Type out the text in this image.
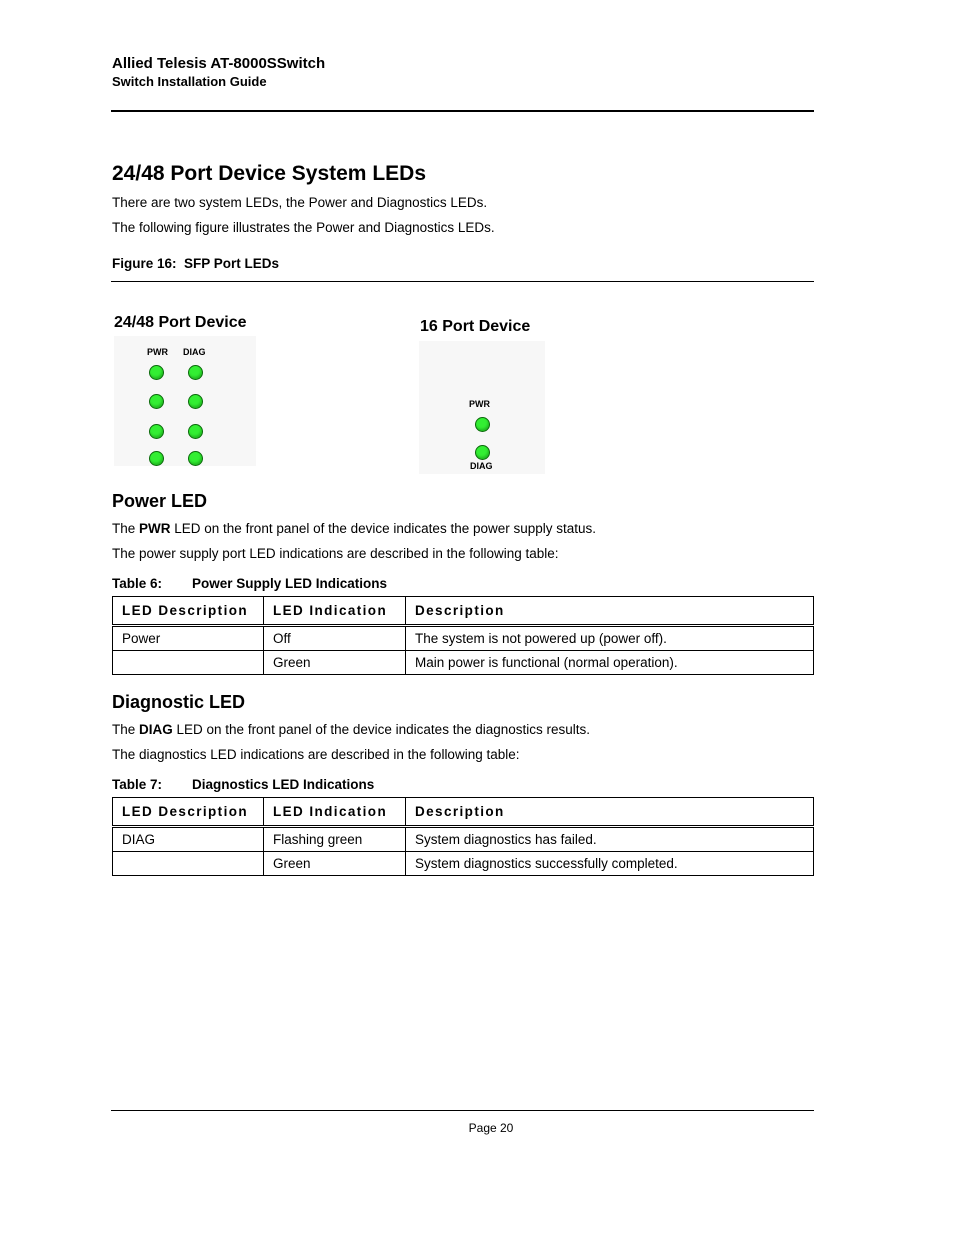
Allied Telesis AT-8000SSwitch
Switch Installation Guide
24/48 Port Device System LEDs
There are two system LEDs, the Power and Diagnostics LEDs.
The following figure illustrates the Power and Diagnostics LEDs.
Figure 16: SFP Port LEDs
24/48 Port Device
PWR DIAG
16 Port Device
PWR
DIAG
Power LED
The PWR LED on the front panel of the device indicates the power supply status.
The power supply port LED indications are described in the following table:
Table 6: Power Supply LED Indications
LED Description	LED Indication	Description
Power	Off	The system is not powered up (power off).
	Green	Main power is functional (normal operation).
Diagnostic LED
The DIAG LED on the front panel of the device indicates the diagnostics results.
The diagnostics LED indications are described in the following table:
Table 7: Diagnostics LED Indications
LED Description	LED Indication	Description
DIAG	Flashing green	System diagnostics has failed.
	Green	System diagnostics successfully completed.
Page 20
